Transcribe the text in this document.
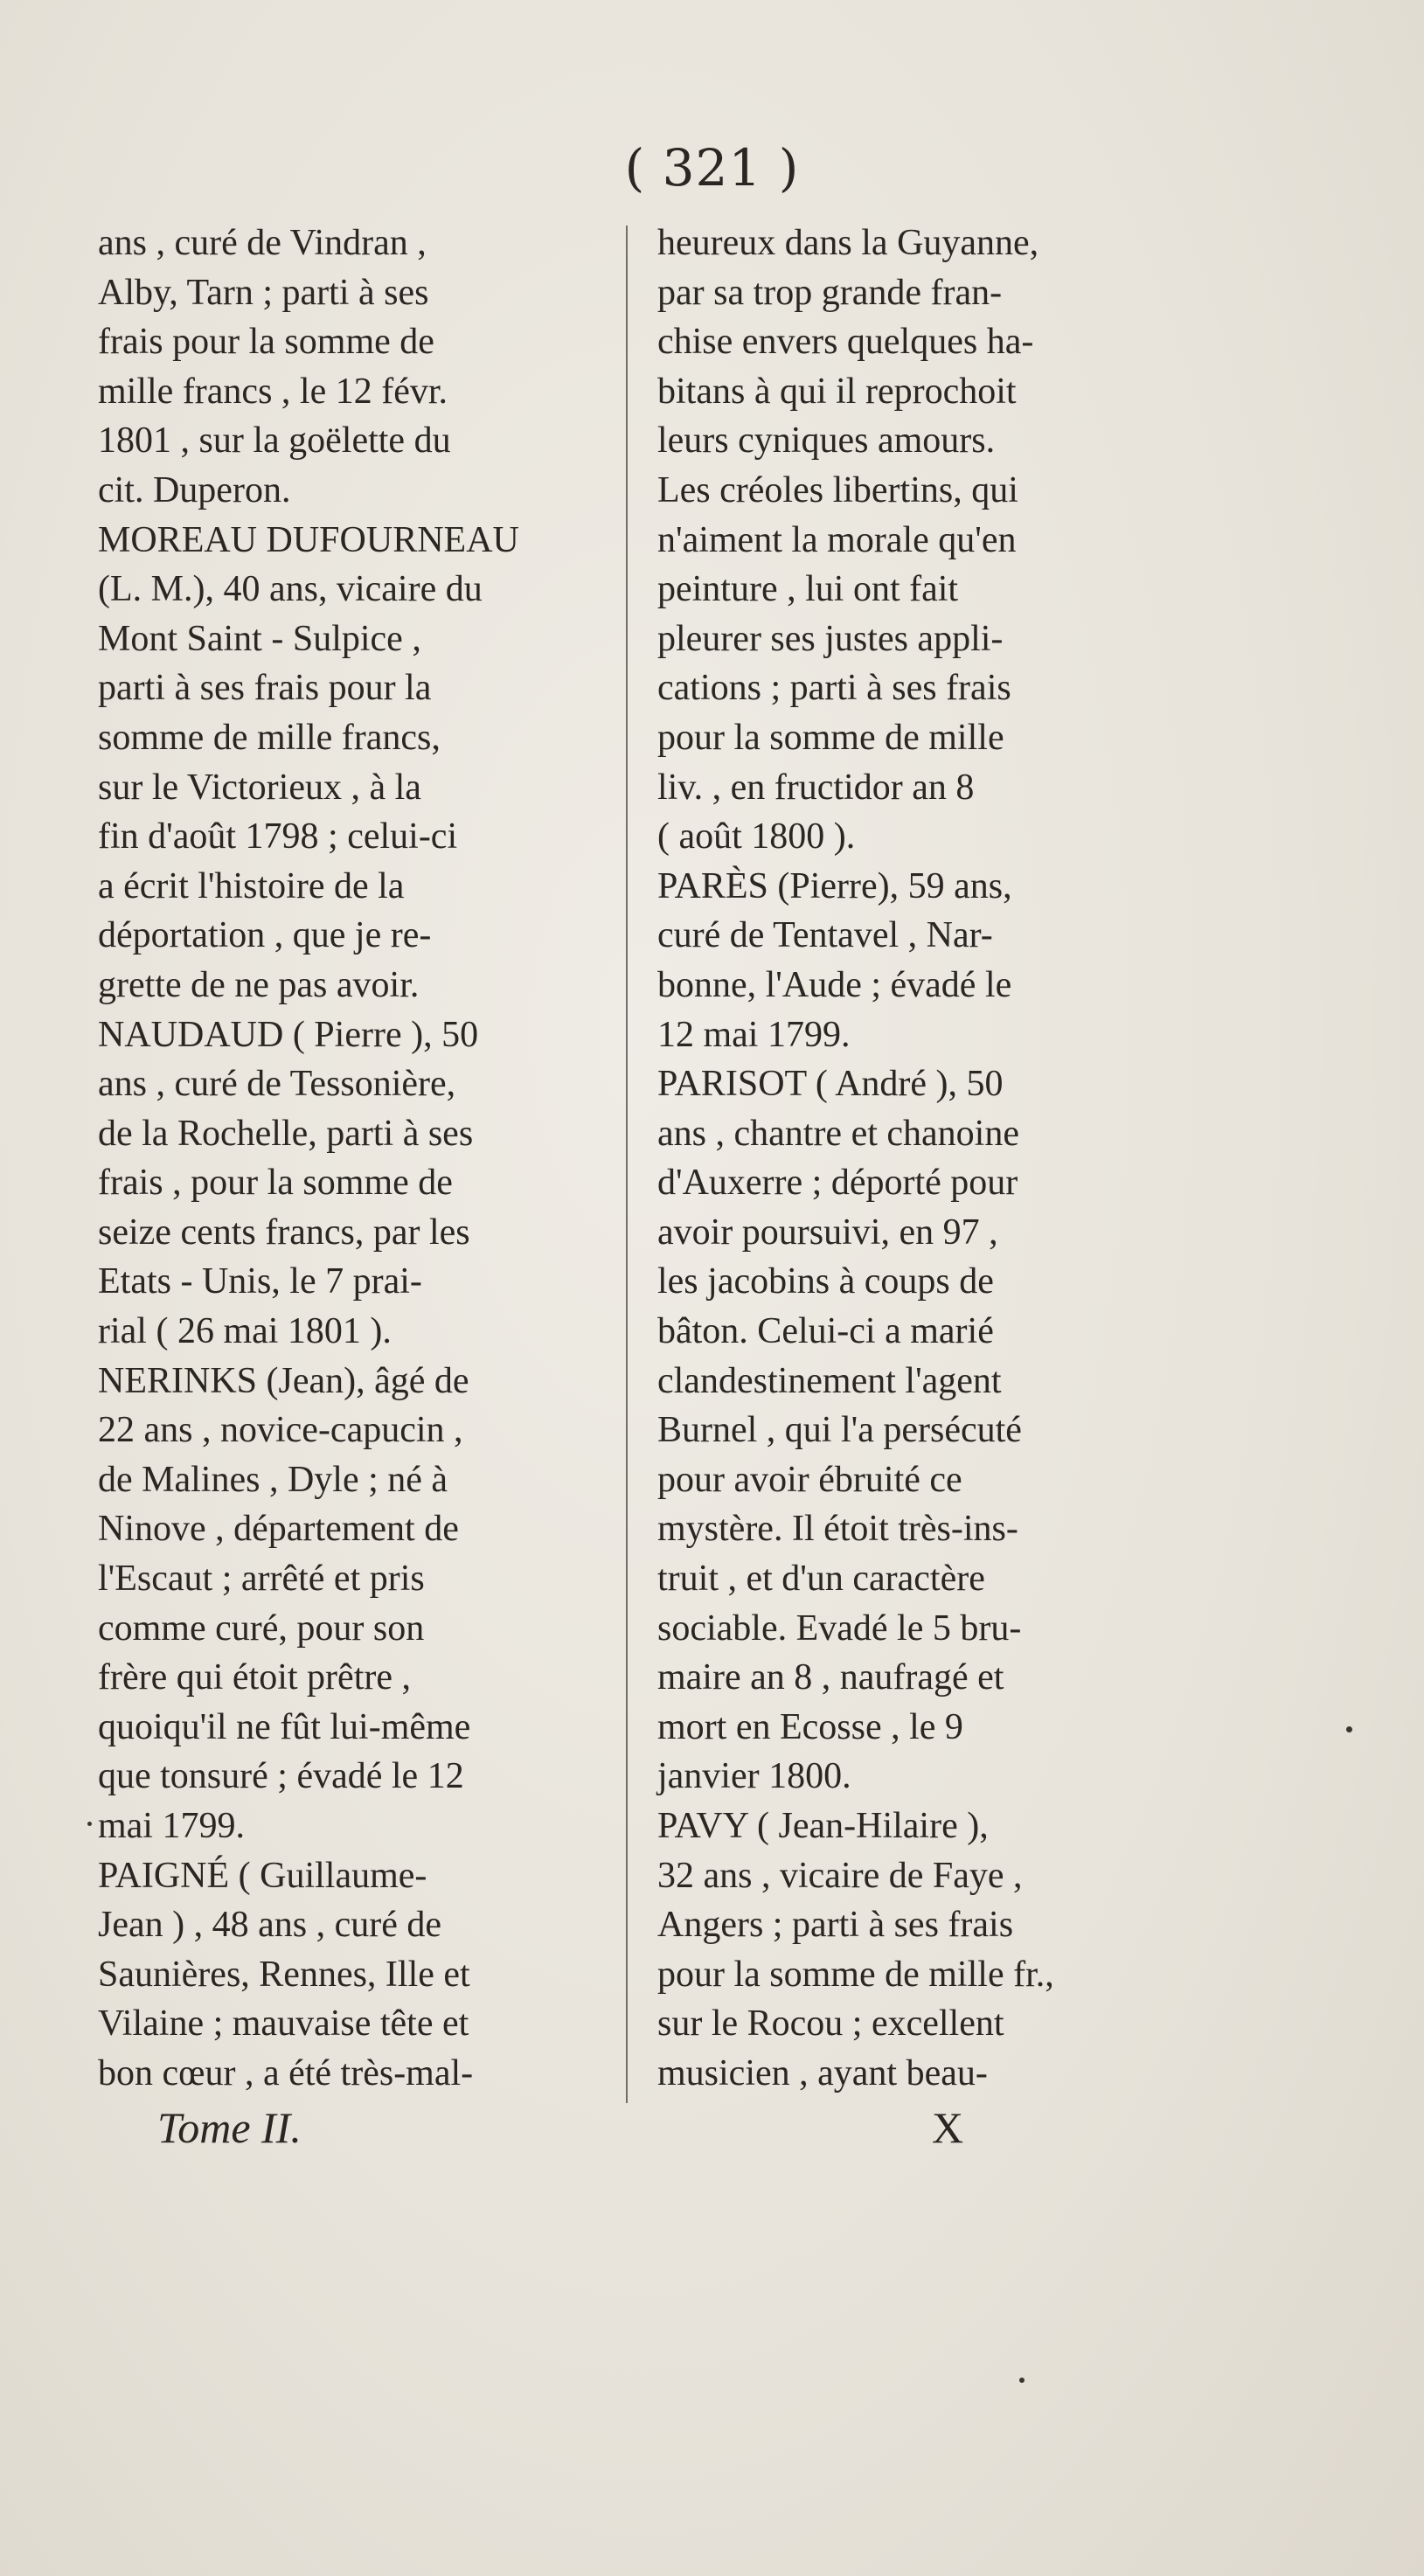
( 321 )
ans , curé de Vindran ,
Alby, Tarn ; parti à ses
frais pour la somme de
mille francs , le 12 févr.
1801 , sur la goëlette du
cit. Duperon.
MOREAU DUFOURNEAU
(L. M.), 40 ans, vicaire du
Mont Saint - Sulpice ,
parti à ses frais pour la
somme de mille francs,
sur le Victorieux , à la
fin d'août 1798 ; celui-ci
a écrit l'histoire de la
déportation , que je re-
grette de ne pas avoir.
NAUDAUD ( Pierre ), 50
ans , curé de Tessonière,
de la Rochelle, parti à ses
frais , pour la somme de
seize cents francs, par les
Etats - Unis, le 7 prai-
rial ( 26 mai 1801 ).
NERINKS (Jean), âgé de
22 ans , novice-capucin ,
de Malines , Dyle ; né à
Ninove , département de
l'Escaut ; arrêté et pris
comme curé, pour son
frère qui étoit prêtre ,
quoiqu'il ne fût lui-même
que tonsuré ; évadé le 12
mai 1799.
PAIGNÉ ( Guillaume-
Jean ) , 48 ans , curé de
Saunières, Rennes, Ille et
Vilaine ; mauvaise tête et
bon cœur , a été très-mal-
heureux dans la Guyanne,
par sa trop grande fran-
chise envers quelques ha-
bitans à qui il reprochoit
leurs cyniques amours.
Les créoles libertins, qui
n'aiment la morale qu'en
peinture , lui ont fait
pleurer ses justes appli-
cations ; parti à ses frais
pour la somme de mille
liv. , en fructidor an 8
( août 1800 ).
PARÈS (Pierre), 59 ans,
curé de Tentavel , Nar-
bonne, l'Aude ; évadé le
12 mai 1799.
PARISOT ( André ), 50
ans , chantre et chanoine
d'Auxerre ; déporté pour
avoir poursuivi, en 97 ,
les jacobins à coups de
bâton. Celui-ci a marié
clandestinement l'agent
Burnel , qui l'a persécuté
pour avoir ébruité ce
mystère. Il étoit très-ins-
truit , et d'un caractère
sociable. Evadé le 5 bru-
maire an 8 , naufragé et
mort en Ecosse , le 9
janvier 1800.
PAVY ( Jean-Hilaire ),
32 ans , vicaire de Faye ,
Angers ; parti à ses frais
pour la somme de mille fr.,
sur le Rocou ; excellent
musicien , ayant beau-
Tome II.	X
